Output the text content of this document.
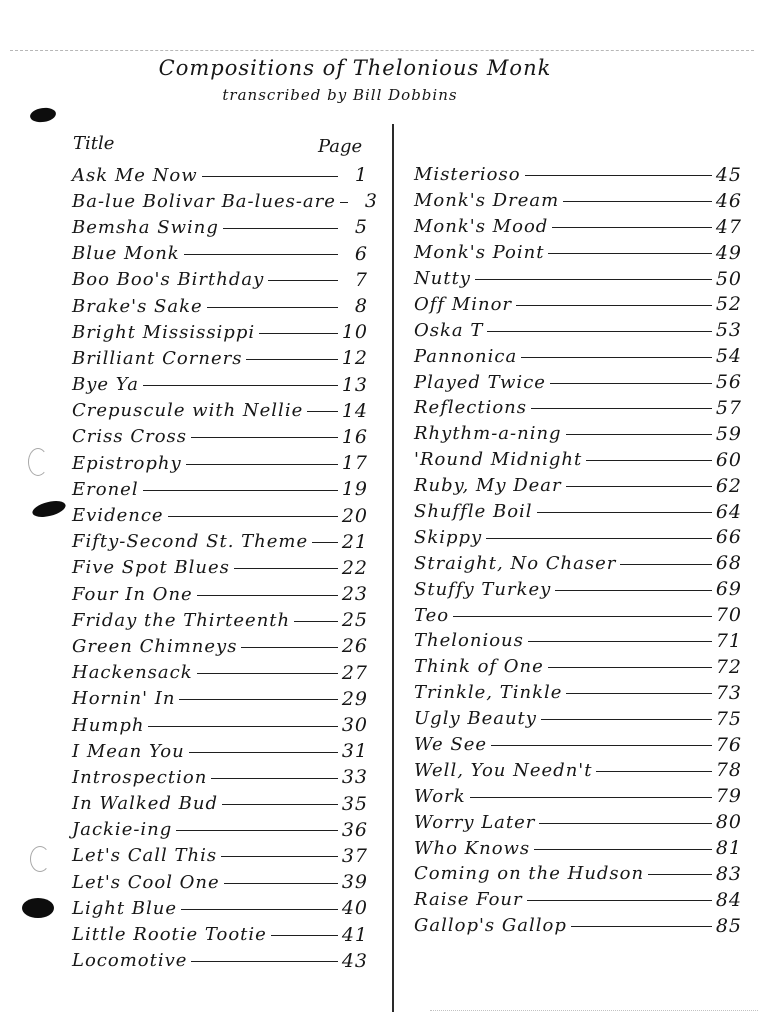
Compositions of Thelonious Monk
transcribed by Bill Dobbins
Title	Page
Ask Me Now	1
Ba-lue Bolivar Ba-lues-are	3
Bemsha Swing	5
Blue Monk	6
Boo Boo's Birthday	7
Brake's Sake	8
Bright Mississippi	10
Brilliant Corners	12
Bye Ya	13
Crepuscule with Nellie 14
Criss Cross	16
Epistrophy	17
Eronel	19
Evidence	20
Fifty-Second St. Theme 21
Five Spot Blues	22
Four In One	23
Friday the Thirteenth	25
Green Chimneys	26
Hackensack	27
Hornin' In	29
Humph	30
I Mean You	31
Introspection	33
In Walked Bud	35
Jackie-ing	36
Let's Call This	37
Let's Cool One	39
Light Blue	40
Little Rootie Tootie	41
Locomotive	43
Misterioso	45
Monk's Dream	46
Monk's Mood	47
Monk's Point	49
Nutty	50
Off Minor	52
Oska T	53
Pannonica	54
Played Twice	56
Reflections	57
Rhythm-a-ning	59
'Round Midnight	60
Ruby, My Dear	62
Shuffle Boil	64
Skippy	66
Straight, No Chaser	68
Stuffy Turkey	69
Teo	70
Thelonious	71
Think of One	72
Trinkle, Tinkle	73
Ugly Beauty	75
We See	76
Well, You Needn't	78
Work	79
Worry Later	80
Who Knows	81
Coming on the Hudson	83
Raise Four	84
Gallop's Gallop	85
